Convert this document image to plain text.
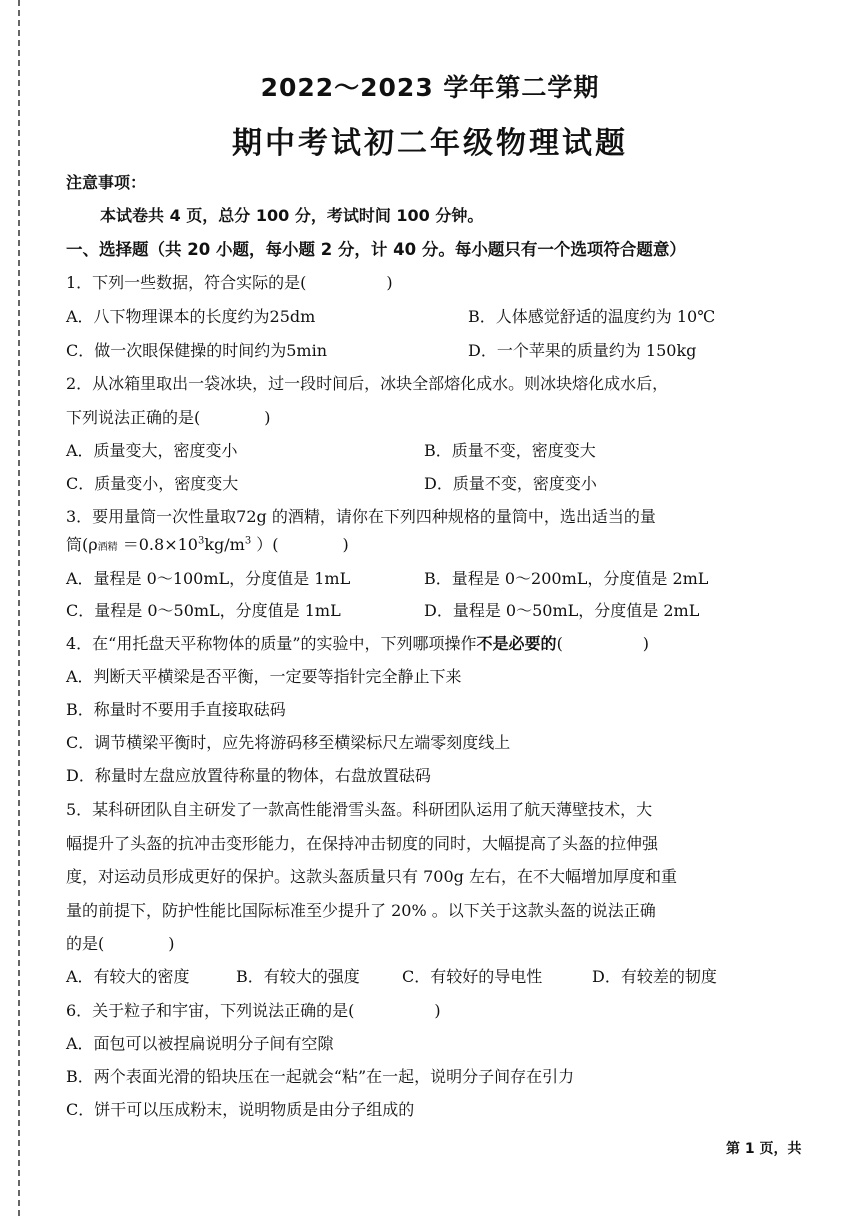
2022～2023 学年第二学期
期中考试初二年级物理试题
注意事项：
本试卷共 4 页，总分 100 分，考试时间 100 分钟。
一、选择题（共 20 小题，每小题 2 分，计 40 分。每小题只有一个选项符合题意）
1．下列一些数据，符合实际的是(　　　　　)
A．八下物理课本的长度约为25dm	B．人体感觉舒适的温度约为 10℃
C．做一次眼保健操的时间约为5min	D．一个苹果的质量约为 150kg
2．从冰箱里取出一袋冰块，过一段时间后，冰块全部熔化成水。则冰块熔化成水后，
下列说法正确的是(　　　　)
A．质量变大，密度变小	B．质量不变，密度变大
C．质量变小，密度变大	D．质量不变，密度变小
3．要用量筒一次性量取72g 的酒精，请你在下列四种规格的量筒中，选出适当的量
筒(ρ酒精 $=0.8\times 10^3kg/m^3$ ）(　　　　)
A．量程是 0～100mL，分度值是 1mL	B．量程是 0～200mL，分度值是 2mL
C．量程是 0～50mL，分度值是 1mL	D．量程是 0～50mL，分度值是 2mL
4．在“用托盘天平称物体的质量”的实验中，下列哪项操作不是必要的(　　　　　)
A．判断天平横梁是否平衡，一定要等指针完全静止下来
B．称量时不要用手直接取砝码
C．调节横梁平衡时，应先将游码移至横梁标尺左端零刻度线上
D．称量时左盘应放置待称量的物体，右盘放置砝码
5．某科研团队自主研发了一款高性能滑雪头盔。科研团队运用了航天薄壁技术，大
幅提升了头盔的抗冲击变形能力，在保持冲击韧度的同时，大幅提高了头盔的拉伸强
度，对运动员形成更好的保护。这款头盔质量只有 700g 左右，在不大幅增加厚度和重
量的前提下，防护性能比国际标准至少提升了 20% 。以下关于这款头盔的说法正确
的是(　　　　)
A．有较大的密度	B．有较大的强度	C．有较好的导电性	D．有较差的韧度
6．关于粒子和宇宙，下列说法正确的是(　　　　　)
A．面包可以被捏扁说明分子间有空隙
B．两个表面光滑的铅块压在一起就会“粘”在一起，说明分子间存在引力
C．饼干可以压成粉末，说明物质是由分子组成的
第 1 页，共
